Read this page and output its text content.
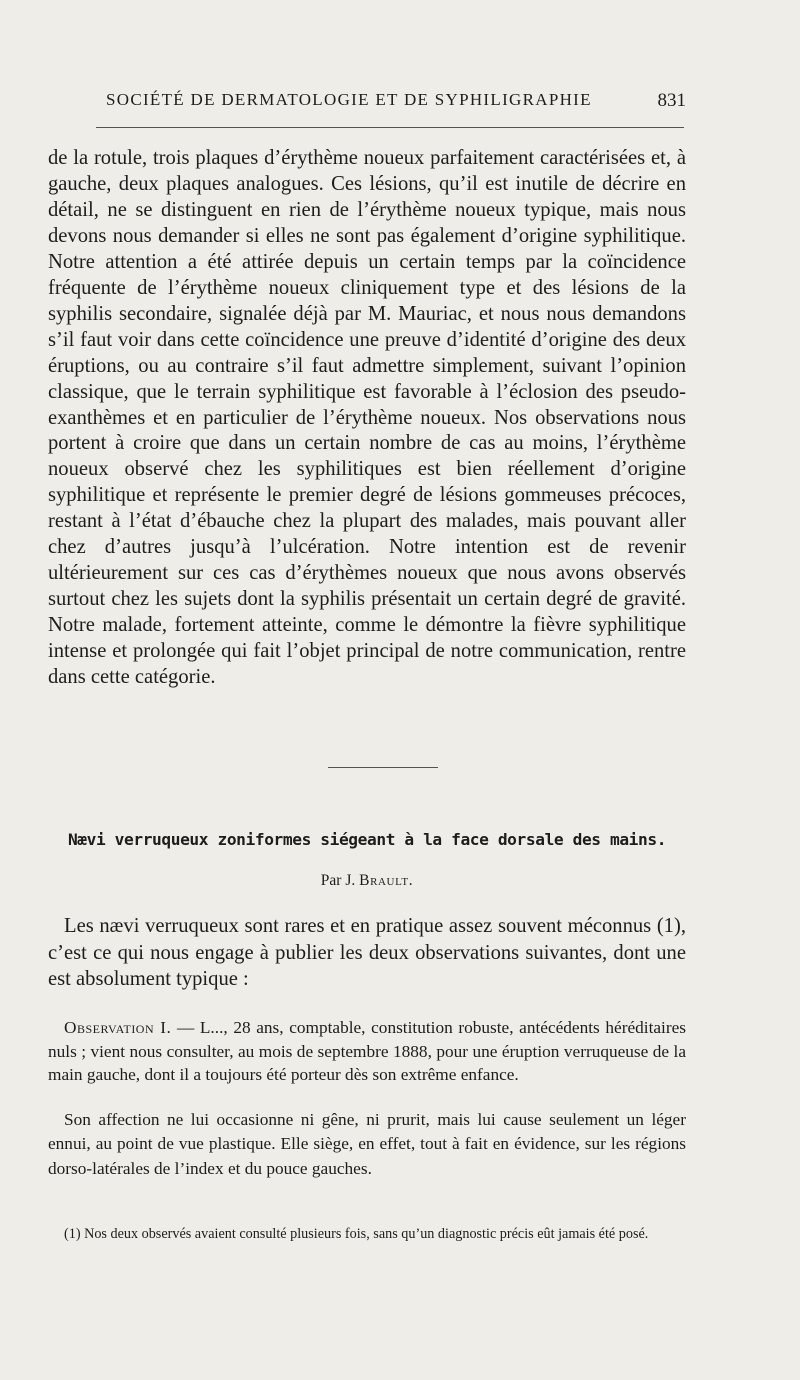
SOCIÉTÉ DE DERMATOLOGIE ET DE SYPHILIGRAPHIE	831

de la rotule, trois plaques d’érythème noueux parfaitement caractérisées et, à gauche, deux plaques analogues. Ces lésions, qu’il est inutile de décrire en détail, ne se distinguent en rien de l’érythème noueux typique, mais nous devons nous demander si elles ne sont pas également d’origine syphilitique. Notre attention a été attirée depuis un certain temps par la coïncidence fréquente de l’érythème noueux cliniquement type et des lésions de la syphilis secondaire, signalée déjà par M. Mauriac, et nous nous demandons s’il faut voir dans cette coïncidence une preuve d’identité d’origine des deux éruptions, ou au contraire s’il faut admettre simplement, suivant l’opinion classique, que le terrain syphilitique est favorable à l’éclosion des pseudo-exanthèmes et en particulier de l’érythème noueux. Nos observations nous portent à croire que dans un certain nombre de cas au moins, l’érythème noueux observé chez les syphilitiques est bien réellement d’origine syphilitique et représente le premier degré de lésions gommeuses précoces, restant à l’état d’ébauche chez la plupart des malades, mais pouvant aller chez d’autres jusqu’à l’ulcération. Notre intention est de revenir ultérieurement sur ces cas d’érythèmes noueux que nous avons observés surtout chez les sujets dont la syphilis présentait un certain degré de gravité. Notre malade, fortement atteinte, comme le démontre la fièvre syphilitique intense et prolongée qui fait l’objet principal de notre communication, rentre dans cette catégorie.

Nævi verruqueux zoniformes siégeant à la face dorsale des mains.

Par J. Brault.

Les nævi verruqueux sont rares et en pratique assez souvent méconnus (1), c’est ce qui nous engage à publier les deux observations suivantes, dont une est absolument typique :

Observation I. — L..., 28 ans, comptable, constitution robuste, antécédents héréditaires nuls ; vient nous consulter, au mois de septembre 1888, pour une éruption verruqueuse de la main gauche, dont il a toujours été porteur dès son extrême enfance.

Son affection ne lui occasionne ni gêne, ni prurit, mais lui cause seulement un léger ennui, au point de vue plastique. Elle siège, en effet, tout à fait en évidence, sur les régions dorso-latérales de l’index et du pouce gauches.

(1) Nos deux observés avaient consulté plusieurs fois, sans qu’un diagnostic précis eût jamais été posé.
